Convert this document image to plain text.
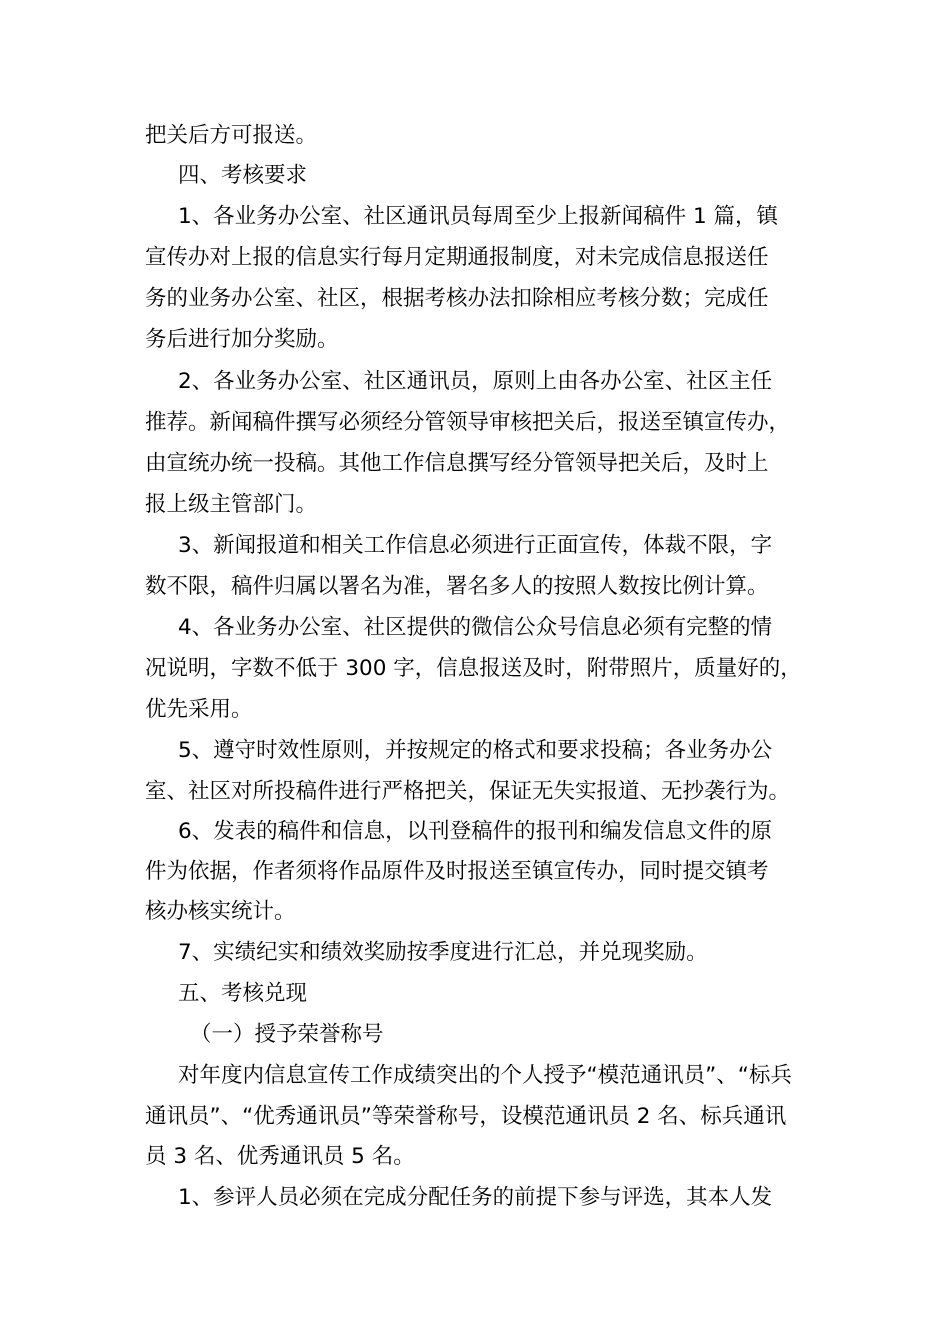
把关后方可报送。
四、考核要求
1、各业务办公室、社区通讯员每周至少上报新闻稿件 1 篇，镇
宣传办对上报的信息实行每月定期通报制度，对未完成信息报送任
务的业务办公室、社区，根据考核办法扣除相应考核分数；完成任
务后进行加分奖励。
2、各业务办公室、社区通讯员，原则上由各办公室、社区主任
推荐。新闻稿件撰写必须经分管领导审核把关后，报送至镇宣传办，
由宣统办统一投稿。其他工作信息撰写经分管领导把关后，及时上
报上级主管部门。
3、新闻报道和相关工作信息必须进行正面宣传，体裁不限，字
数不限，稿件归属以署名为准，署名多人的按照人数按比例计算。
4、各业务办公室、社区提供的微信公众号信息必须有完整的情
况说明，字数不低于 300 字，信息报送及时，附带照片，质量好的，
优先采用。
5、遵守时效性原则，并按规定的格式和要求投稿；各业务办公
室、社区对所投稿件进行严格把关，保证无失实报道、无抄袭行为。
6、发表的稿件和信息，以刊登稿件的报刊和编发信息文件的原
件为依据，作者须将作品原件及时报送至镇宣传办，同时提交镇考
核办核实统计。
7、实绩纪实和绩效奖励按季度进行汇总，并兑现奖励。
五、考核兑现
（一）授予荣誉称号
对年度内信息宣传工作成绩突出的个人授予“模范通讯员”、“标兵
通讯员”、“优秀通讯员”等荣誉称号，设模范通讯员 2 名、标兵通讯
员 3 名、优秀通讯员 5 名。
1、参评人员必须在完成分配任务的前提下参与评选，其本人发
